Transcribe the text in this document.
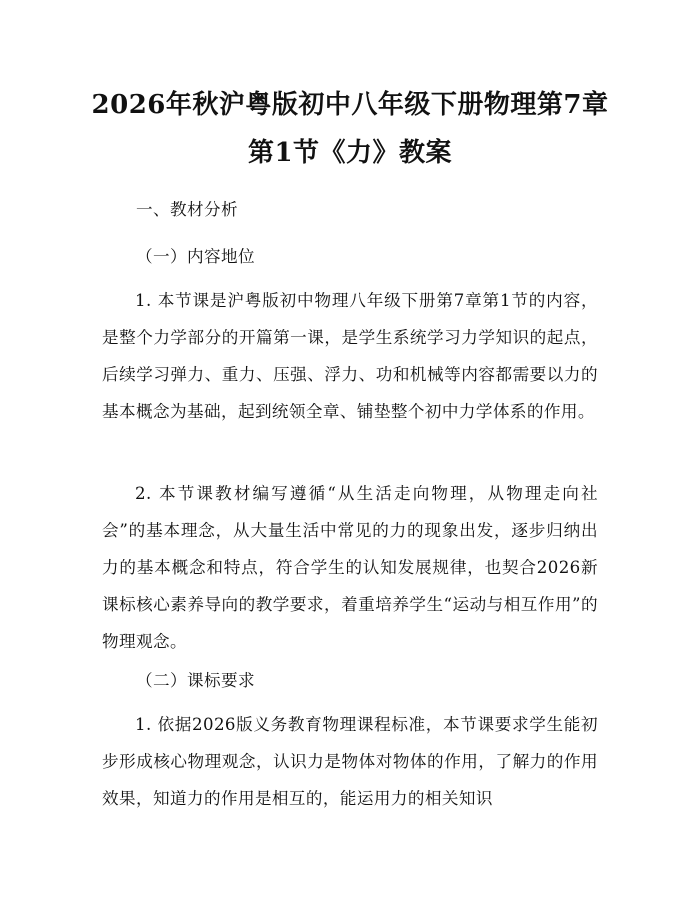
2026年秋沪粤版初中八年级下册物理第7章
第1节《力》教案
一、教材分析
（一）内容地位
1. 本节课是沪粤版初中物理八年级下册第7章第1节的内容，是整个力学部分的开篇第一课，是学生系统学习力学知识的起点，后续学习弹力、重力、压强、浮力、功和机械等内容都需要以力的基本概念为基础，起到统领全章、铺垫整个初中力学体系的作用。
2. 本节课教材编写遵循“从生活走向物理，从物理走向社会”的基本理念，从大量生活中常见的力的现象出发，逐步归纳出力的基本概念和特点，符合学生的认知发展规律，也契合2026新课标核心素养导向的教学要求，着重培养学生“运动与相互作用”的物理观念。
（二）课标要求
1. 依据2026版义务教育物理课程标准，本节课要求学生能初步形成核心物理观念，认识力是物体对物体的作用，了解力的作用效果，知道力的作用是相互的，能运用力的相关知识
